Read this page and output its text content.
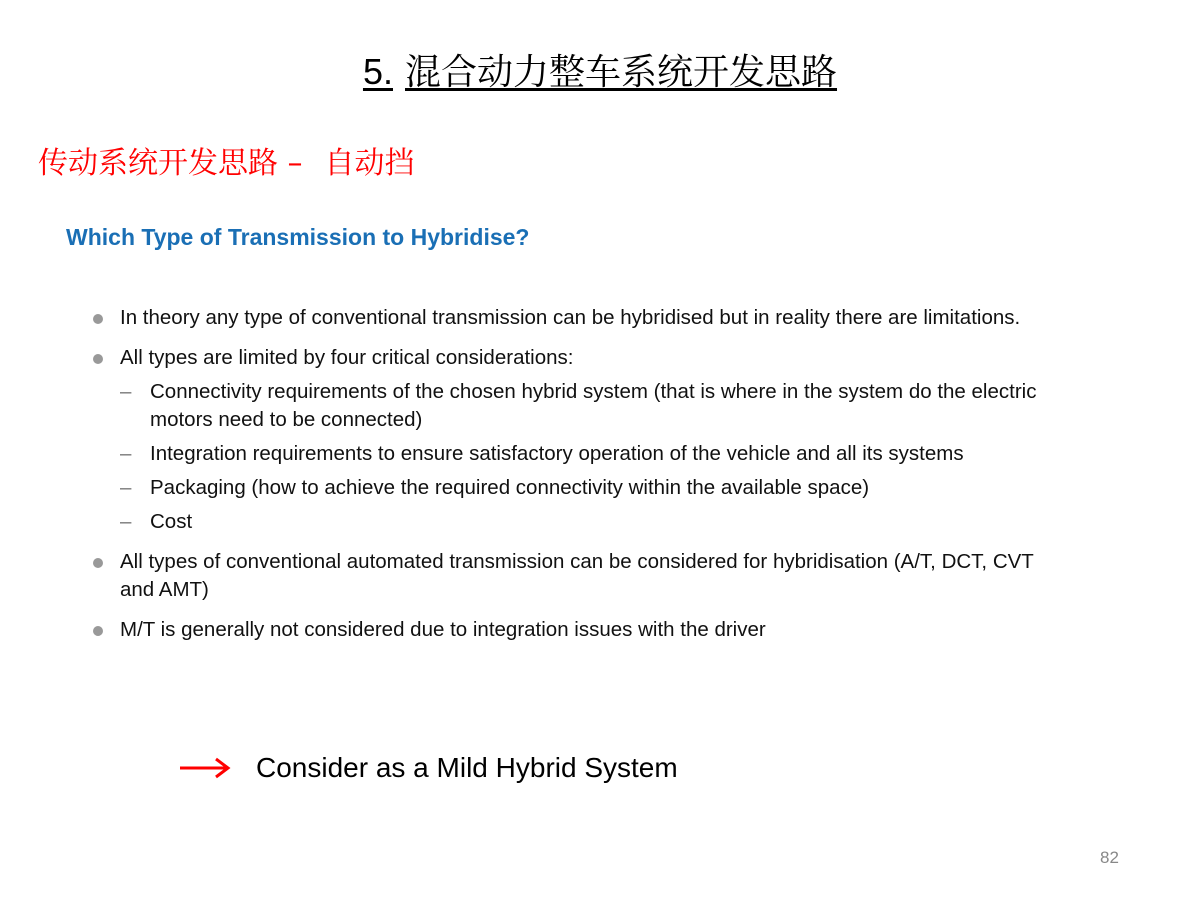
5. 混合动力整车系统开发思路
传动系统开发思路 – 自动挡
Which Type of Transmission to Hybridise?
In theory any type of conventional transmission can be hybridised but in reality there are limitations.
All types are limited by four critical considerations:
– Connectivity requirements of the chosen hybrid system (that is where in the system do the electric motors need to be connected)
– Integration requirements to ensure satisfactory operation of the vehicle and all its systems
– Packaging (how to achieve the required connectivity within the available space)
– Cost
All types of conventional automated transmission can be considered for hybridisation (A/T, DCT, CVT and AMT)
M/T is generally not considered due to integration issues with the driver
Consider as a Mild Hybrid System
82
